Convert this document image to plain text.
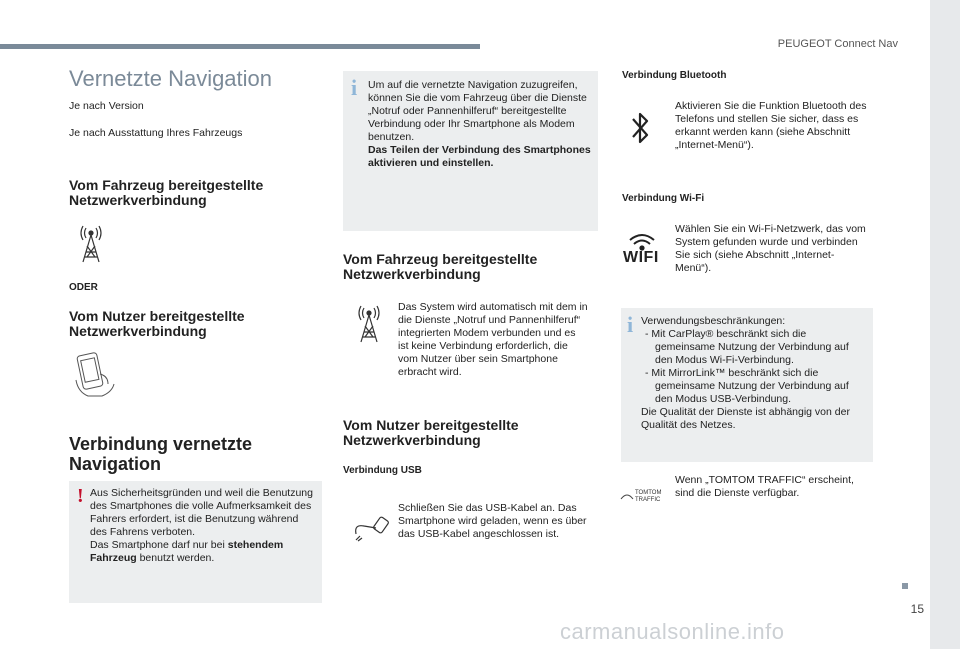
PEUGEOT Connect Nav
Vernetzte Navigation
Je nach Version
Je nach Ausstattung Ihres Fahrzeugs
Vom Fahrzeug bereitgestellte Netzwerkverbindung
ODER
Vom Nutzer bereitgestellte Netzwerkverbindung
Verbindung vernetzte Navigation
! Aus Sicherheitsgründen und weil die Benutzung des Smartphones die volle Aufmerksamkeit des Fahrers erfordert, ist die Benutzung während des Fahrens verboten.
Das Smartphone darf nur bei stehendem Fahrzeug benutzt werden.
i Um auf die vernetzte Navigation zuzugreifen, können Sie die vom Fahrzeug über die Dienste „Notruf oder Pannenhilferuf“ bereitgestellte Verbindung oder Ihr Smartphone als Modem benutzen.
Das Teilen der Verbindung des Smartphones aktivieren und einstellen.
Vom Fahrzeug bereitgestellte Netzwerkverbindung
Das System wird automatisch mit dem in die Dienste „Notruf und Pannenhilferuf“ integrierten Modem verbunden und es ist keine Verbindung erforderlich, die vom Nutzer über sein Smartphone erbracht wird.
Vom Nutzer bereitgestellte Netzwerkverbindung
Verbindung USB
Schließen Sie das USB-Kabel an. Das Smartphone wird geladen, wenn es über das USB-Kabel angeschlossen ist.
Verbindung Bluetooth
Aktivieren Sie die Funktion Bluetooth des Telefons und stellen Sie sicher, dass es erkannt werden kann (siehe Abschnitt „Internet-Menü“).
Verbindung Wi-Fi
WIFI
Wählen Sie ein Wi-Fi-Netzwerk, das vom System gefunden wurde und verbinden Sie sich (siehe Abschnitt „Internet-Menü“).
i Verwendungsbeschränkungen:
- Mit CarPlay® beschränkt sich die gemeinsame Nutzung der Verbindung auf den Modus Wi-Fi-Verbindung.
- Mit MirrorLink™ beschränkt sich die gemeinsame Nutzung der Verbindung auf den Modus USB-Verbindung.
Die Qualität der Dienste ist abhängig von der Qualität des Netzes.
TOMTOM TRAFFIC
Wenn „TOMTOM TRAFFIC“ erscheint, sind die Dienste verfügbar.
15
carmanualsonline.info
